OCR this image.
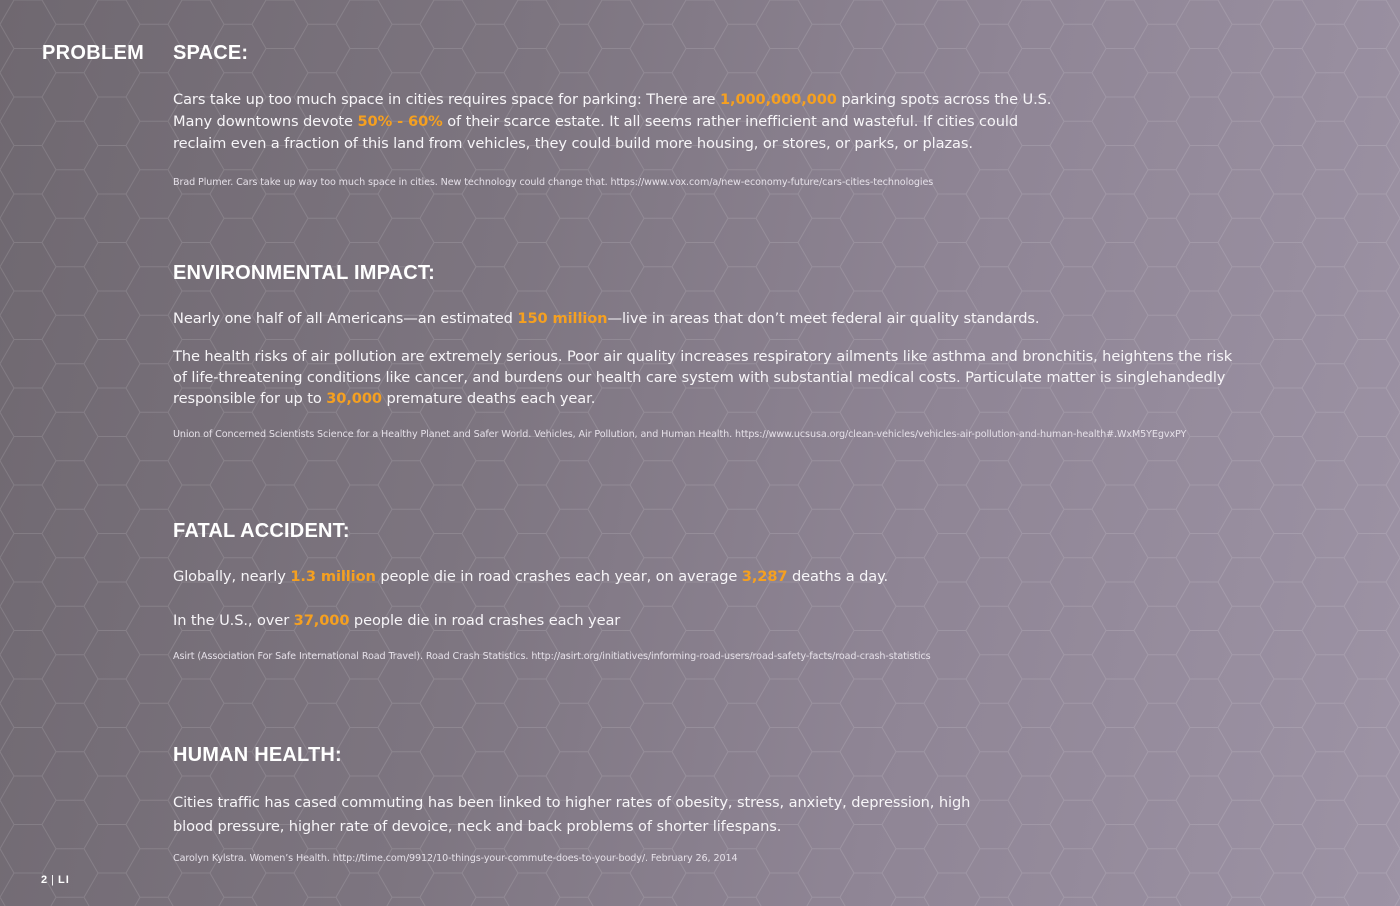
PROBLEM SPACE:

Cars take up too much space in cities requires space for parking: There are 1,000,000,000 parking spots across the U.S. Many downtowns devote 50% - 60% of their scarce estate. It all seems rather inefficient and wasteful. If cities could reclaim even a fraction of this land from vehicles, they could build more housing, or stores, or parks, or plazas.

Brad Plumer. Cars take up way too much space in cities. New technology could change that. https://www.vox.com/a/new-economy-future/cars-cities-technologies

ENVIRONMENTAL IMPACT:

Nearly one half of all Americans—an estimated 150 million—live in areas that don’t meet federal air quality standards.

The health risks of air pollution are extremely serious. Poor air quality increases respiratory ailments like asthma and bronchitis, heightens the risk of life-threatening conditions like cancer, and burdens our health care system with substantial medical costs. Particulate matter is singlehandedly responsible for up to 30,000 premature deaths each year.

Union of Concerned Scientists Science for a Healthy Planet and Safer World. Vehicles, Air Pollution, and Human Health. https://www.ucsusa.org/clean-vehicles/vehicles-air-pollution-and-human-health#.WxM5YEgvxPY

FATAL ACCIDENT:

Globally, nearly 1.3 million people die in road crashes each year, on average 3,287 deaths a day.

In the U.S., over 37,000 people die in road crashes each year

Asirt (Association For Safe International Road Travel). Road Crash Statistics. http://asirt.org/initiatives/informing-road-users/road-safety-facts/road-crash-statistics

HUMAN HEALTH:

Cities traffic has cased commuting has been linked to higher rates of obesity, stress, anxiety, depression, high blood pressure, higher rate of devoice, neck and back problems of shorter lifespans.

Carolyn Kylstra. Women’s Health. http://time.com/9912/10-things-your-commute-does-to-your-body/. February 26, 2014

2 | LI
